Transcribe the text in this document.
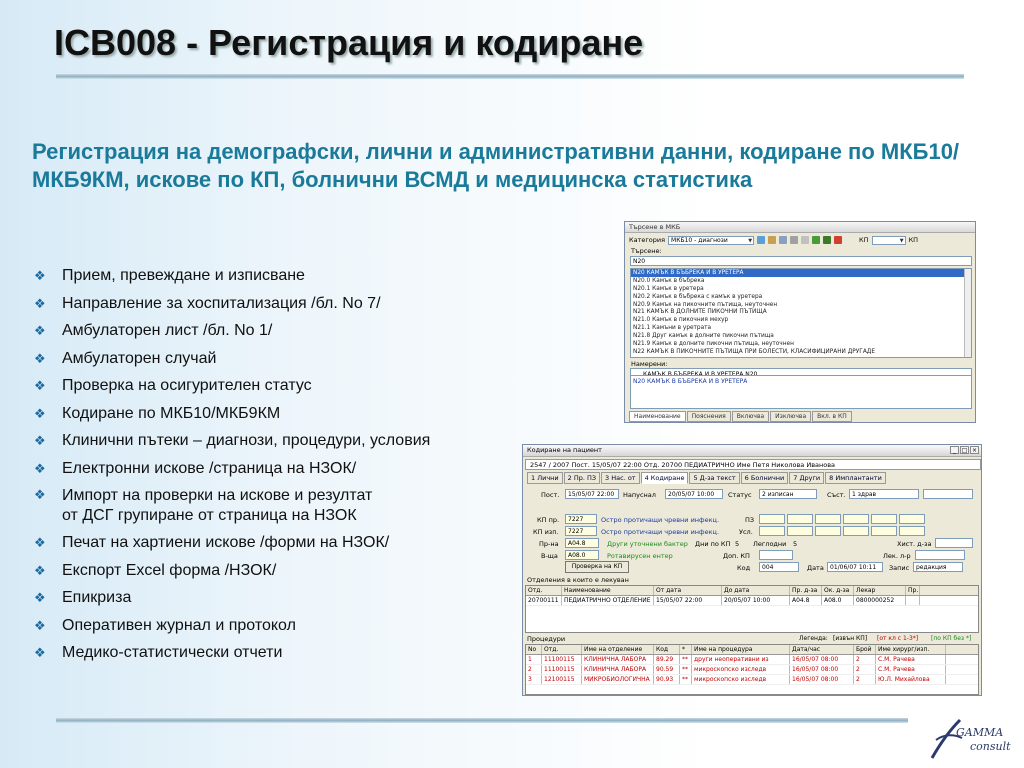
ICB008 - Регистрация и кодиране
Регистрация на демографски, лични и административни данни, кодиране по МКБ10/МКБ9КМ, искове по КП, болнични ВСМД и медицинска статистика
❖ Прием, превеждане и изписване
❖ Направление за хоспитализация /бл. No 7/
❖ Амбулаторен лист /бл. No 1/
❖ Амбулаторен случай
❖ Проверка на осигурителен статус
❖ Кодиране по МКБ10/МКБ9КМ
❖ Клинични пътеки – диагнози, процедури, условия
❖ Електронни искове /страница на НЗОК/
❖ Импорт на проверки на искове и резултат
от ДСГ групиране от страница на НЗОК
❖ Печат на хартиени искове /форми на НЗОК/
❖ Експорт Excel форма /НЗОК/
❖ Епикриза
❖ Оперативен журнал и протокол
❖ Медико-статистически отчети
Търсене в МКБ
Категория	МКБ10 - диагнози ▼	КП
▼	КП
Търсене:
N20
N20 КАМЪК В БЪБРЕКА И В УРЕТЕРА
N20.0 Камък в бъбрека
N20.1 Камък в уретера
N20.2 Камък в бъбрека с камък в уретера
N20.9 Камък на пикочните пътища, неуточнен
N21 КАМЪК В ДОЛНИТЕ ПИКОЧНИ ПЪТИЩА
N21.0 Камък в пикочния мехур
N21.1 Камъни в уретрата
N21.8 Друг камък в долните пикочни пътища
N21.9 Камък в долните пикочни пътища, неуточнен
N22 КАМЪК В ПИКОЧНИТЕ ПЪТИЩА ПРИ БОЛЕСТИ, КЛАСИФИЦИРАНИ ДРУГАДЕ
Намерени:
N20 КАМЪК В БЪБРЕКА И В УРЕТЕРА
Наименование	Пояснения	Включва	Изключва	Вкл. в КП
Кодиране на пациент	_ □ ×
2547 / 2007 Пост. 15/05/07 22:00 Отд. 20700 ПЕДИАТРИЧНО Име Петя Николова Иванова
1 Лични	2 Пр. ПЗ	3 Нас. от	4 Кодиране	5 Д-за текст	6 Болнични	7 Други	8 Имплантанти
Пост.	15/05/07 22:00	Напуснал	20/05/07 10:00	Статус	2 изписан	Съст.	1 здрав
КП пр.	7227	Остро протичащи чревни инфекц.	ПЗ
КП изп.	7227	Остро протичащи чревни инфекц.	Усл.
Пр-на	A04.8	Други уточнени бактер Дни по КП 5 Леглодни 5	Хист. д-за
В-ща	A08.0	Ротавирусен ентер	Доп. КП	Лек. л-р
Проверка на КП	Код	004	Дата	01/06/07 10:11	Запис	редакция
Отделения в които е лекуван
Отд.	Наименование	От дата	До дата	Пр. д-за	Ок. д-за	Лекар	Пр.
20700111 ПЕДИАТРИЧНО ОТДЕЛЕНИЕ 15/05/07 22:00	20/05/07 10:00	A04.8	A08.0	0800000252
Процедури	Легенда: [извън КП] [от кл с 1-3*] [по КП без *]
No	Отд.	Име на отделение	Код	*	Име на процедура	Дата/час	Брой	Име хирург/изп.
1	11100115	КЛИНИЧНА ЛАБОРА	89.29	**	други неоперативни из	16/05/07 08:00	2	С.М. Рачева
2	11100115	КЛИНИЧНА ЛАБОРА	90.59	**	микроскопско изследв	16/05/07 08:00	2	С.М. Рачева
3	12100115	МИКРОБИОЛОГИЧНА	90.93	**	микроскопско изследв	16/05/07 08:00	2	Ю.Л. Михайлова
GAMMA
consult
